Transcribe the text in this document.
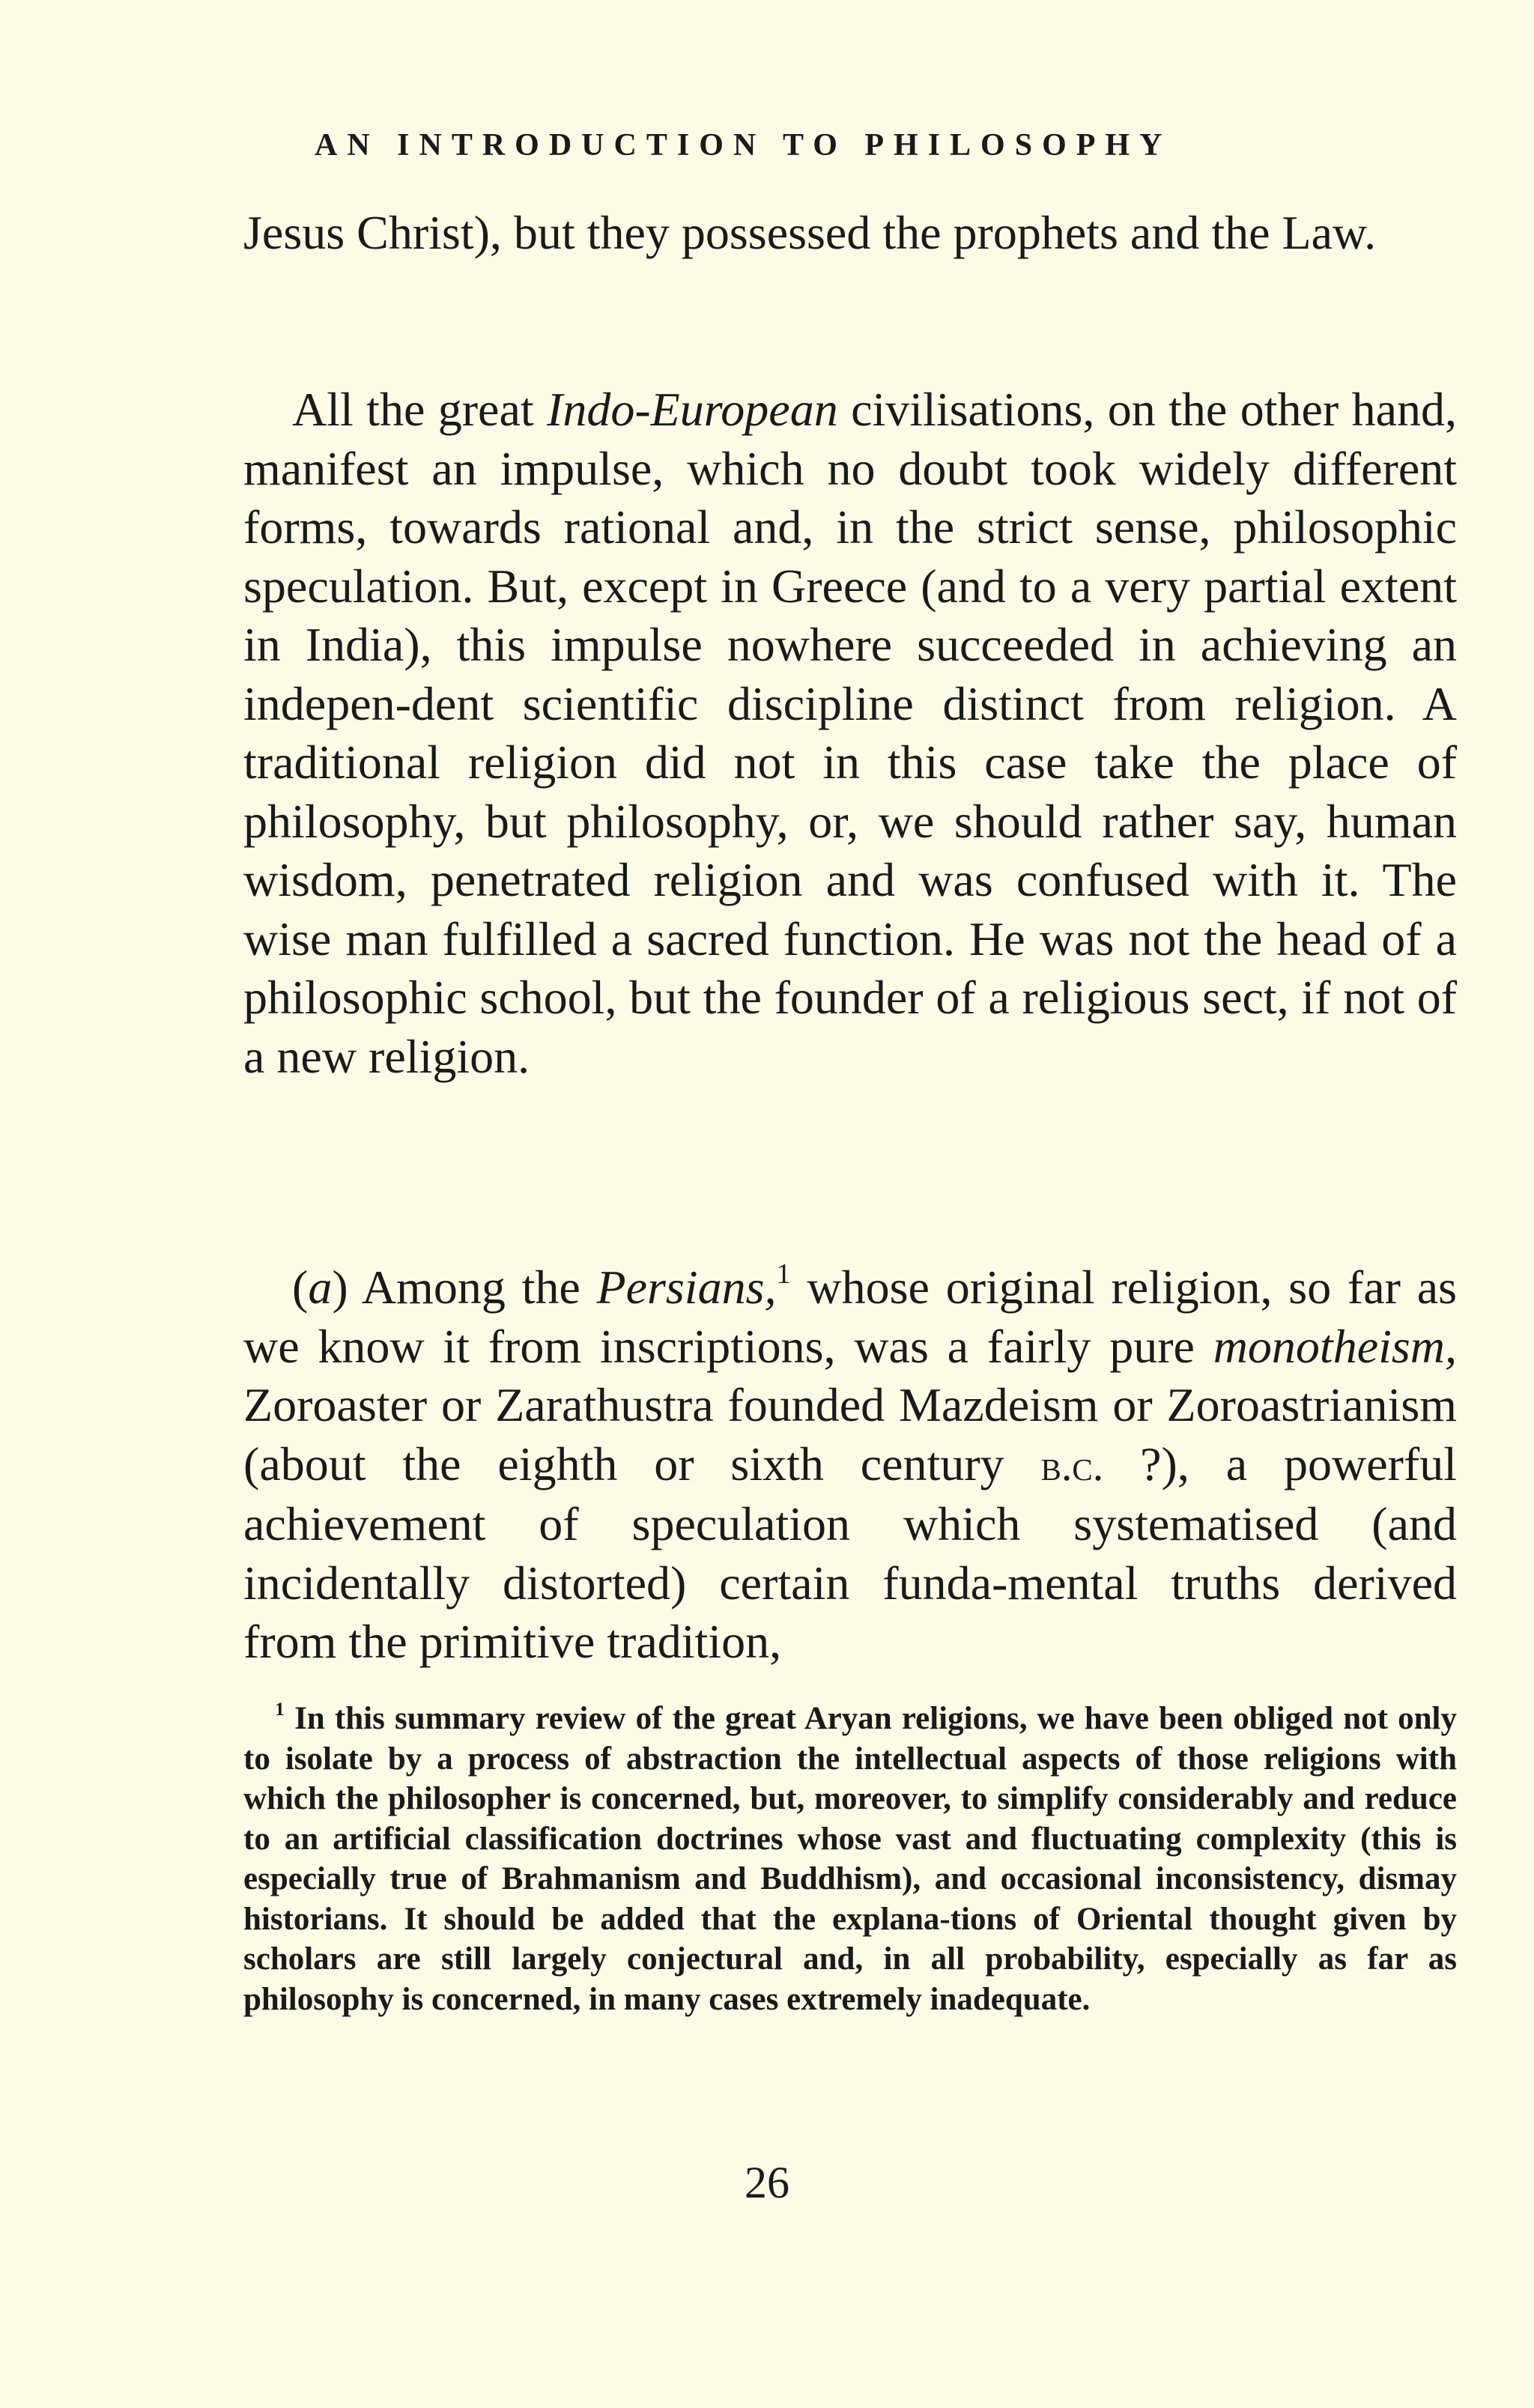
AN INTRODUCTION TO PHILOSOPHY

Jesus Christ), but they possessed the prophets and the Law.

All the great Indo-European civilisations, on the other hand, manifest an impulse, which no doubt took widely different forms, towards rational and, in the strict sense, philosophic speculation. But, except in Greece (and to a very partial extent in India), this impulse nowhere succeeded in achieving an indepen-dent scientific discipline distinct from religion. A traditional religion did not in this case take the place of philosophy, but philosophy, or, we should rather say, human wisdom, penetrated religion and was confused with it. The wise man fulfilled a sacred function. He was not the head of a philosophic school, but the founder of a religious sect, if not of a new religion.

(a) Among the Persians,$^1$ whose original religion, so far as we know it from inscriptions, was a fairly pure monotheism, Zoroaster or Zarathustra founded Mazdeism or Zoroastrianism (about the eighth or sixth century b.c. ?), a powerful achievement of speculation which systematised (and incidentally distorted) certain funda-mental truths derived from the primitive tradition,

$^1$ In this summary review of the great Aryan religions, we have been obliged not only to isolate by a process of abstraction the intellectual aspects of those religions with which the philosopher is concerned, but, moreover, to simplify considerably and reduce to an artificial classification doctrines whose vast and fluctuating complexity (this is especially true of Brahmanism and Buddhism), and occasional inconsistency, dismay historians. It should be added that the explana-tions of Oriental thought given by scholars are still largely conjectural and, in all probability, especially as far as philosophy is concerned, in many cases extremely inadequate.

26
